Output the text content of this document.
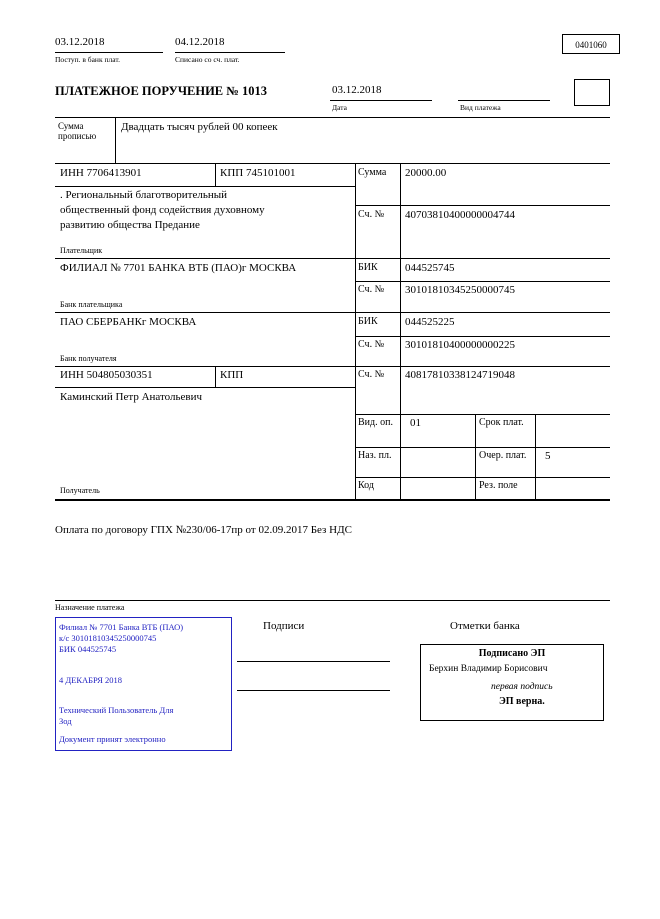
03.12.2018
Поступ. в банк плат.
04.12.2018
Списано со сч. плат.
0401060
ПЛАТЕЖНОЕ ПОРУЧЕНИЕ № 1013	03.12.2018
Дата	Вид платежа
Сумма прописью
Двадцать тысяч рублей 00 копеек
ИНН 7706413901	КПП 745101001	Сумма 20000.00
. Региональный благотворительный
общественный фонд содействия духовному
развитию общества Предание
Сч. № 40703810400000004744
Плательщик
ФИЛИАЛ № 7701 БАНКА ВТБ (ПАО)г МОСКВА	БИК 044525745
Сч. № 30101810345250000745
Банк плательщика
ПАО СБЕРБАНКг МОСКВА	БИК 044525225
Сч. № 30101810400000000225
Банк получателя
ИНН 504805030351	КПП	Сч. № 40817810338124719048
Каминский Петр Анатольевич
Вид. оп. 01	Срок плат.
Наз. пл.	Очер. плат. 5
Код	Рез. поле
Получатель
Оплата по договору ГПХ №230/06-17пр от 02.09.2017 Без НДС
Назначение платежа
Филиал № 7701 Банка ВТБ (ПАО)
к/с 30101810345250000745
БИК 044525745
4 ДЕКАБРЯ 2018
Технический Пользователь Для
Зод
Документ принят электронно
Подписи	Отметки банка
Подписано ЭП
Берхин Владимир Борисович
первая подпись
ЭП верна.
